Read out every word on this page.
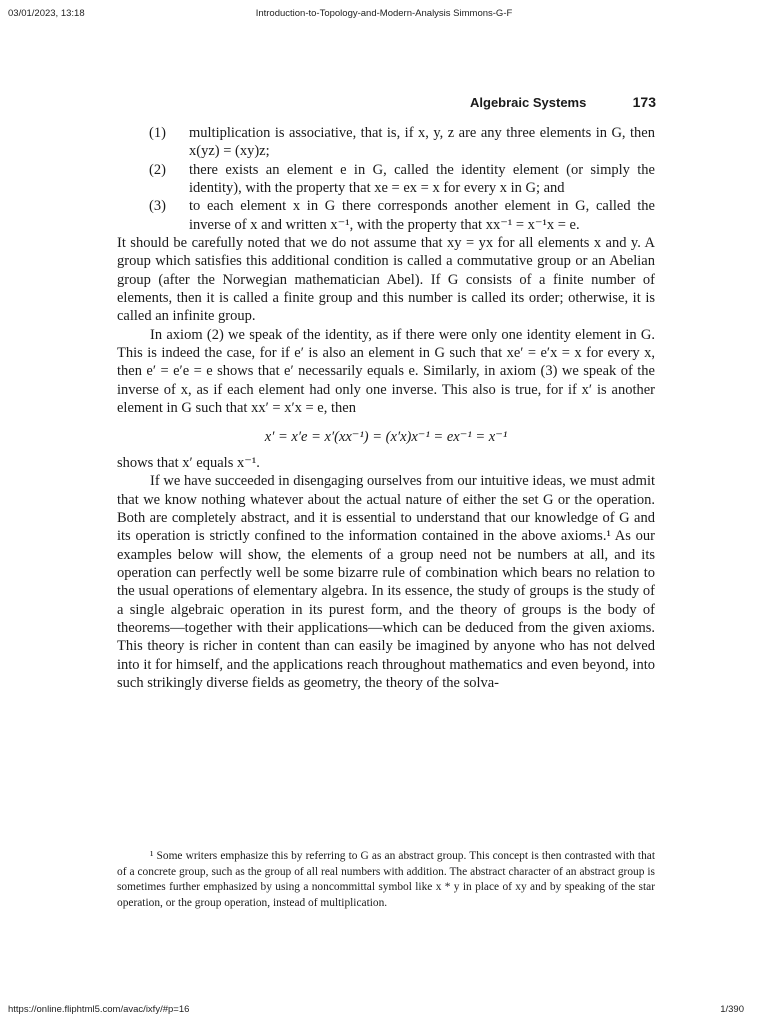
03/01/2023, 13:18	Introduction-to-Topology-and-Modern-Analysis Simmons-G-F
Algebraic Systems	173
(1)	multiplication is associative, that is, if x, y, z are any three elements in G, then x(yz) = (xy)z;
(2)	there exists an element e in G, called the identity element (or simply the identity), with the property that xe = ex = x for every x in G; and
(3)	to each element x in G there corresponds another element in G, called the inverse of x and written x⁻¹, with the property that xx⁻¹ = x⁻¹x = e.

It should be carefully noted that we do not assume that xy = yx for all elements x and y. A group which satisfies this additional condition is called a commutative group or an Abelian group (after the Norwegian mathematician Abel). If G consists of a finite number of elements, then it is called a finite group and this number is called its order; otherwise, it is called an infinite group.

In axiom (2) we speak of the identity, as if there were only one identity element in G. This is indeed the case, for if e′ is also an element in G such that xe′ = e′x = x for every x, then e′ = e′e = e shows that e′ necessarily equals e. Similarly, in axiom (3) we speak of the inverse of x, as if each element had only one inverse. This also is true, for if x′ is another element in G such that xx′ = x′x = e, then

x′ = x′e = x′(xx⁻¹) = (x′x)x⁻¹ = ex⁻¹ = x⁻¹

shows that x′ equals x⁻¹.

If we have succeeded in disengaging ourselves from our intuitive ideas, we must admit that we know nothing whatever about the actual nature of either the set G or the operation. Both are completely abstract, and it is essential to understand that our knowledge of G and its operation is strictly confined to the information contained in the above axioms.¹ As our examples below will show, the elements of a group need not be numbers at all, and its operation can perfectly well be some bizarre rule of combination which bears no relation to the usual operations of elementary algebra. In its essence, the study of groups is the study of a single algebraic operation in its purest form, and the theory of groups is the body of theorems—together with their applications—which can be deduced from the given axioms. This theory is richer in content than can easily be imagined by anyone who has not delved into it for himself, and the applications reach throughout mathematics and even beyond, into such strikingly diverse fields as geometry, the theory of the solva-

¹ Some writers emphasize this by referring to G as an abstract group. This concept is then contrasted with that of a concrete group, such as the group of all real numbers with addition. The abstract character of an abstract group is sometimes further emphasized by using a noncommittal symbol like x * y in place of xy and by speaking of the star operation, or the group operation, instead of multiplication.

https://online.fliphtml5.com/avac/ixfy/#p=16	1/390
